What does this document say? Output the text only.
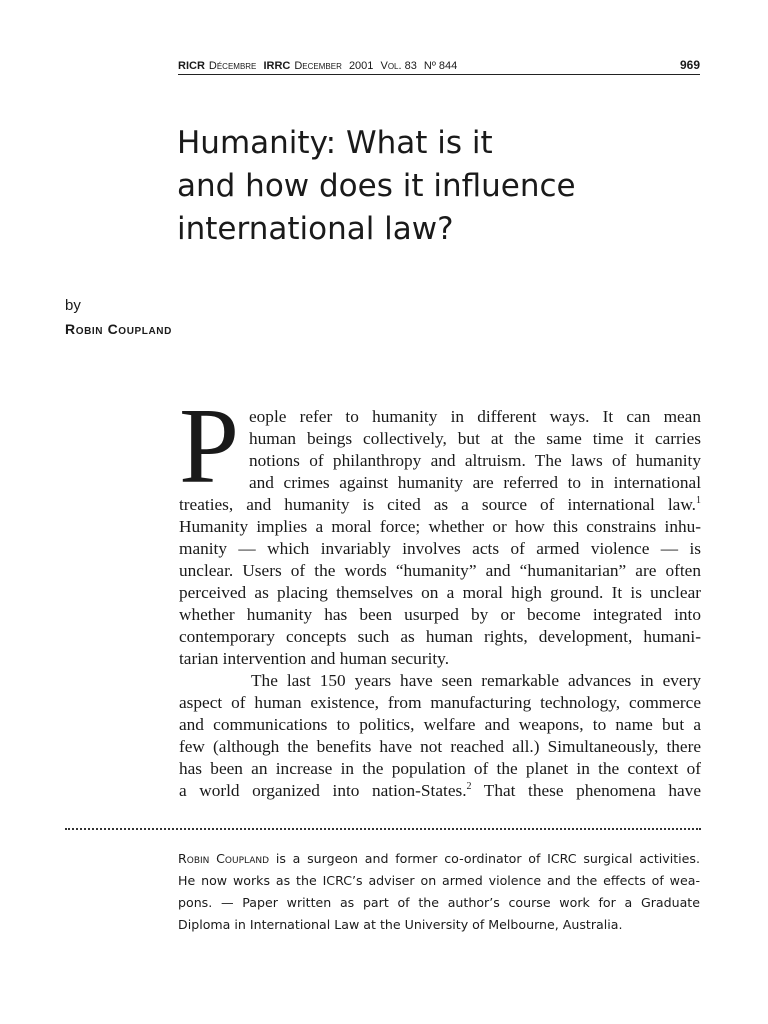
RICR Décembre IRRC December 2001 Vol. 83 Nº 844	969
Humanity: What is it
and how does it influence
international law?
by
Robin Coupland
P eople refer to humanity in different ways. It can mean
human beings collectively, but at the same time it carries
notions of philanthropy and altruism. The laws of humanity
and crimes against humanity are referred to in international
treaties, and humanity is cited as a source of international law.$^1$
Humanity implies a moral force; whether or how this constrains inhu-
manity — which invariably involves acts of armed violence — is
unclear. Users of the words “humanity” and “humanitarian” are often
perceived as placing themselves on a moral high ground. It is unclear
whether humanity has been usurped by or become integrated into
contemporary concepts such as human rights, development, humani-
tarian intervention and human security.
The last 150 years have seen remarkable advances in every
aspect of human existence, from manufacturing technology, commerce
and communications to politics, welfare and weapons, to name but a
few (although the benefits have not reached all.) Simultaneously, there
has been an increase in the population of the planet in the context of
a world organized into nation-States.$^2$ That these phenomena have
Robin Coupland is a surgeon and former co-ordinator of ICRC surgical activities.
He now works as the ICRC’s adviser on armed violence and the effects of wea-
pons. — Paper written as part of the author’s course work for a Graduate
Diploma in International Law at the University of Melbourne, Australia.
